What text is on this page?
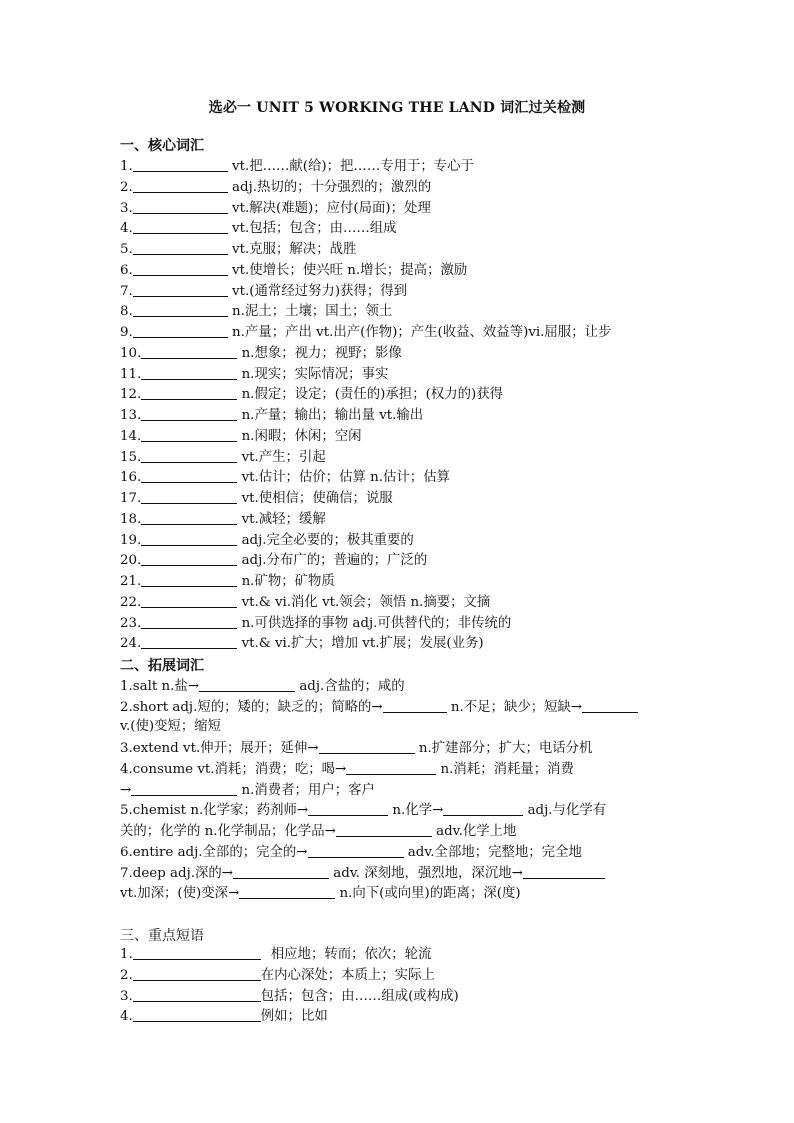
选必一 UNIT 5 WORKING THE LAND 词汇过关检测
一、核心词汇
1.	vt.把……献(给)；把……专用于；专心于
2.	adj.热切的；十分强烈的；激烈的
3.	vt.解决(难题)；应付(局面)；处理
4.	vt.包括；包含；由……组成
5.	vt.克服；解决；战胜
6.	vt.使增长；使兴旺 n.增长；提高；激励
7.	vt.(通常经过努力)获得；得到
8.	n.泥土；土壤；国土；领土
9.	n.产量；产出 vt.出产(作物)；产生(收益、效益等)vi.屈服；让步
10.	n.想象；视力；视野；影像
11.	n.现实；实际情况；事实
12.	n.假定；设定；(责任的)承担；(权力的)获得
13.	n.产量；输出；输出量 vt.输出
14.	n.闲暇；休闲；空闲
15.	vt.产生；引起
16.	vt.估计；估价；估算 n.估计；估算
17.	vt.使相信；使确信；说服
18.	vt.减轻；缓解
19.	adj.完全必要的；极其重要的
20.	adj.分布广的；普遍的；广泛的
21.	n.矿物；矿物质
22.	vt.& vi.消化 vt.领会；领悟 n.摘要；文摘
23.	n.可供选择的事物 adj.可供替代的；非传统的
24.	vt.& vi.扩大；增加 vt.扩展；发展(业务)
二、拓展词汇
1.salt n.盐→	adj.含盐的；咸的
2.short adj.短的；矮的；缺乏的；简略的→	n.不足；缺少；短缺→
v.(使)变短；缩短
3.extend vt.伸开；展开；延伸→	n.扩建部分；扩大；电话分机
4.consume vt.消耗；消费；吃；喝→	n.消耗；消耗量；消费
→	n.消费者；用户；客户
5.chemist n.化学家；药剂师→	n.化学→	adj.与化学有
关的；化学的 n.化学制品；化学品→	adv.化学上地
6.entire adj.全部的；完全的→	adv.全部地；完整地；完全地
7.deep adj.深的→	adv. 深刻地，强烈地，深沉地→
vt.加深；(使)变深→	n.向下(或向里)的距离；深(度)
三、重点短语
1.	相应地；转而；依次；轮流
2.	在内心深处；本质上；实际上
3.	包括；包含；由……组成(或构成)
4.	例如；比如
